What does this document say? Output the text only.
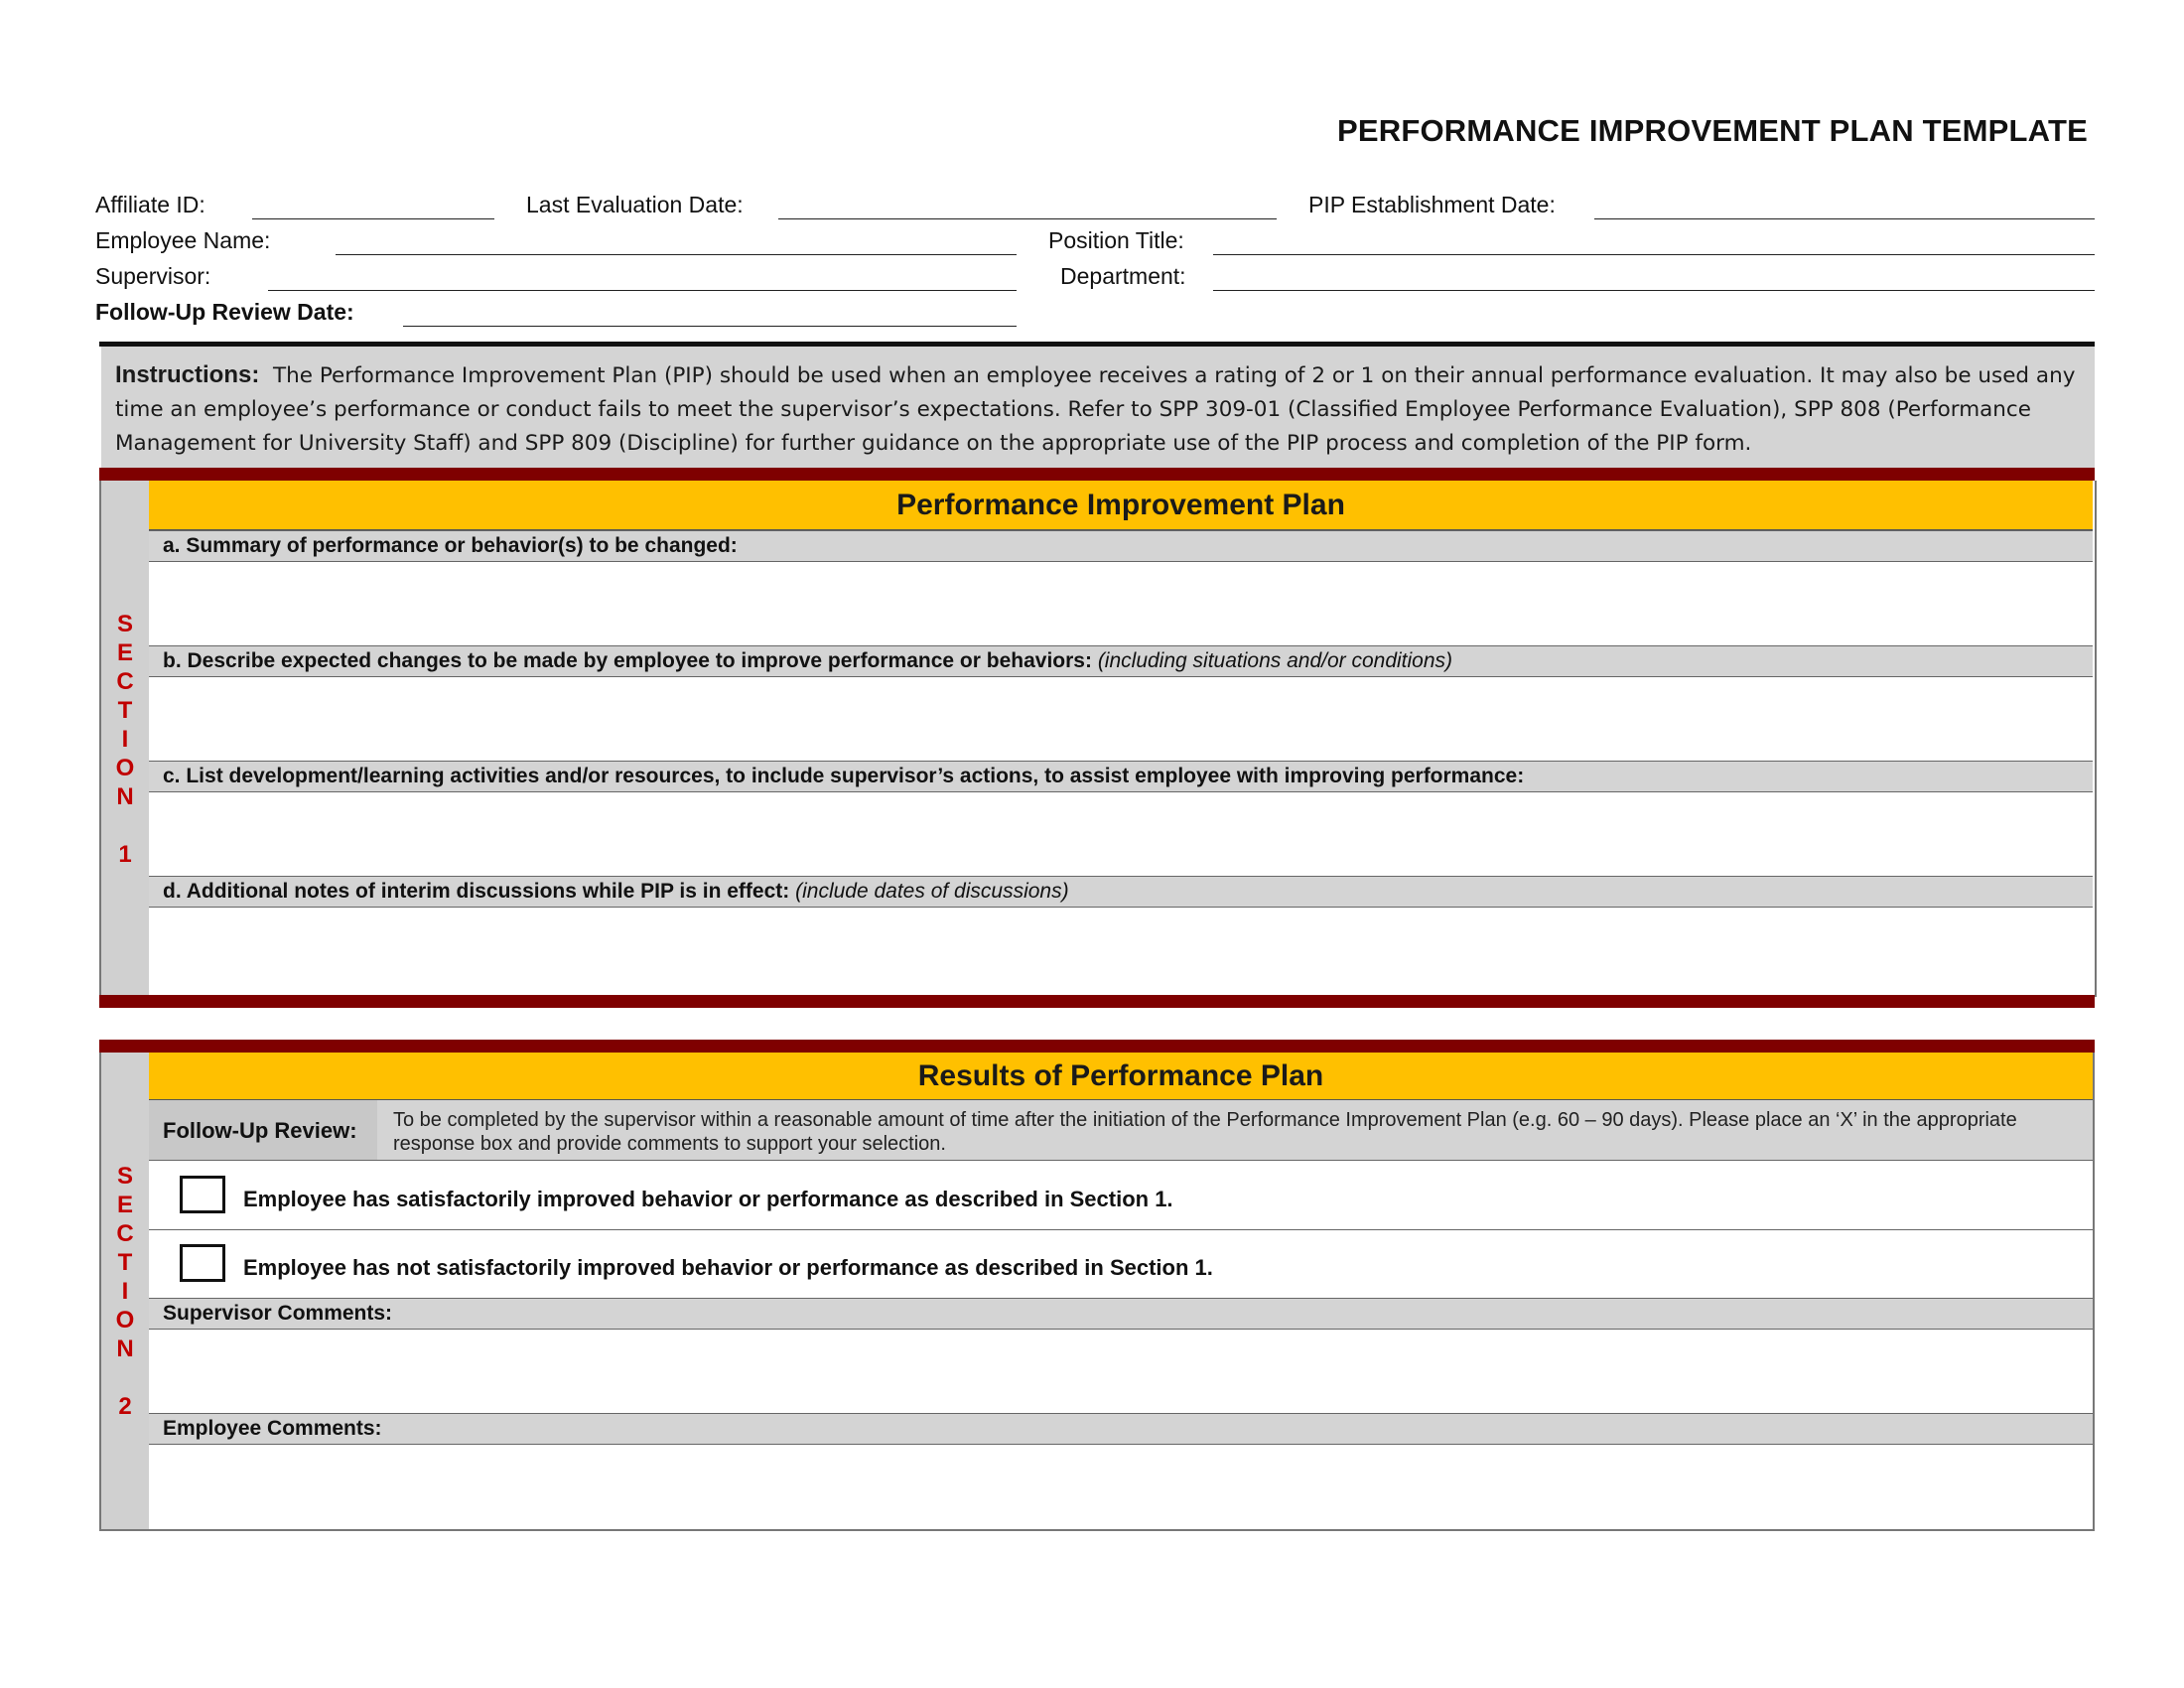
PERFORMANCE IMPROVEMENT PLAN TEMPLATE
Affiliate ID:	Last Evaluation Date:	PIP Establishment Date:
Employee Name:	Position Title:
Supervisor:	Department:
Follow-Up Review Date:
Instructions: The Performance Improvement Plan (PIP) should be used when an employee receives a rating of 2 or 1 on their annual performance evaluation. It may also be used any time an employee’s performance or conduct fails to meet the supervisor’s expectations. Refer to SPP 309-01 (Classified Employee Performance Evaluation), SPP 808 (Performance Management for University Staff) and SPP 809 (Discipline) for further guidance on the appropriate use of the PIP process and completion of the PIP form.
S
E
C
T
I
O
N
1
Performance Improvement Plan
a. Summary of performance or behavior(s) to be changed:
b. Describe expected changes to be made by employee to improve performance or behaviors: (including situations and/or conditions)
c. List development/learning activities and/or resources, to include supervisor’s actions, to assist employee with improving performance:
d. Additional notes of interim discussions while PIP is in effect: (include dates of discussions)
S
E
C
T
I
O
N
2
Results of Performance Plan
Follow-Up Review:	To be completed by the supervisor within a reasonable amount of time after the initiation of the Performance Improvement Plan (e.g. 60 – 90 days). Please place an ‘X’ in the appropriate response box and provide comments to support your selection.
Employee has satisfactorily improved behavior or performance as described in Section 1.
Employee has not satisfactorily improved behavior or performance as described in Section 1.
Supervisor Comments:
Employee Comments:
